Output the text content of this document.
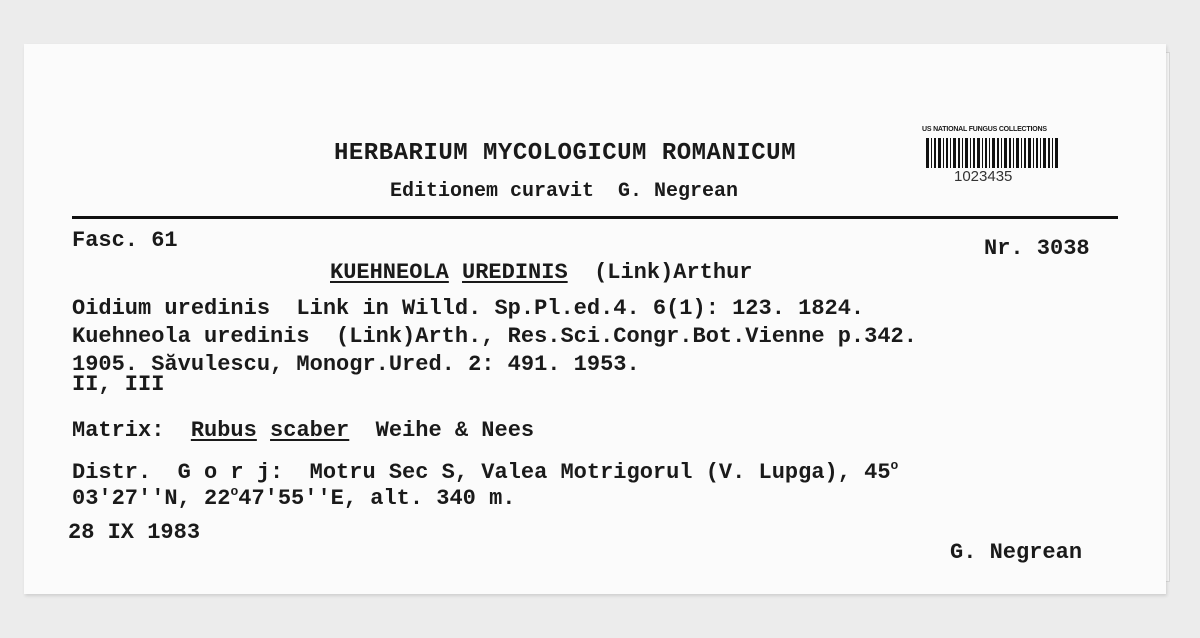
HERBARIUM MYCOLOGICUM ROMANICUM
Editionem curavit  G. Negrean
US NATIONAL FUNGUS COLLECTIONS
1023435
Fasc. 61	Nr. 3038
KUEHNEOLA UREDINIS (Link)Arthur
Oidium uredinis  Link in Willd. Sp.Pl.ed.4. 6(1): 123. 1824.
Kuehneola uredinis  (Link)Arth., Res.Sci.Congr.Bot.Vienne p.342.
1905. Săvulescu, Monogr.Ured. 2: 491. 1953.
II, III
Matrix: Rubus scaber Weihe & Nees
Distr.  G o r j:  Motru Sec S, Valea Motrigorul (V. Lupga), 45$^o$
03'27''N, 22$^o$47'55''E, alt. 340 m.
28 IX 1983
G. Negrean
